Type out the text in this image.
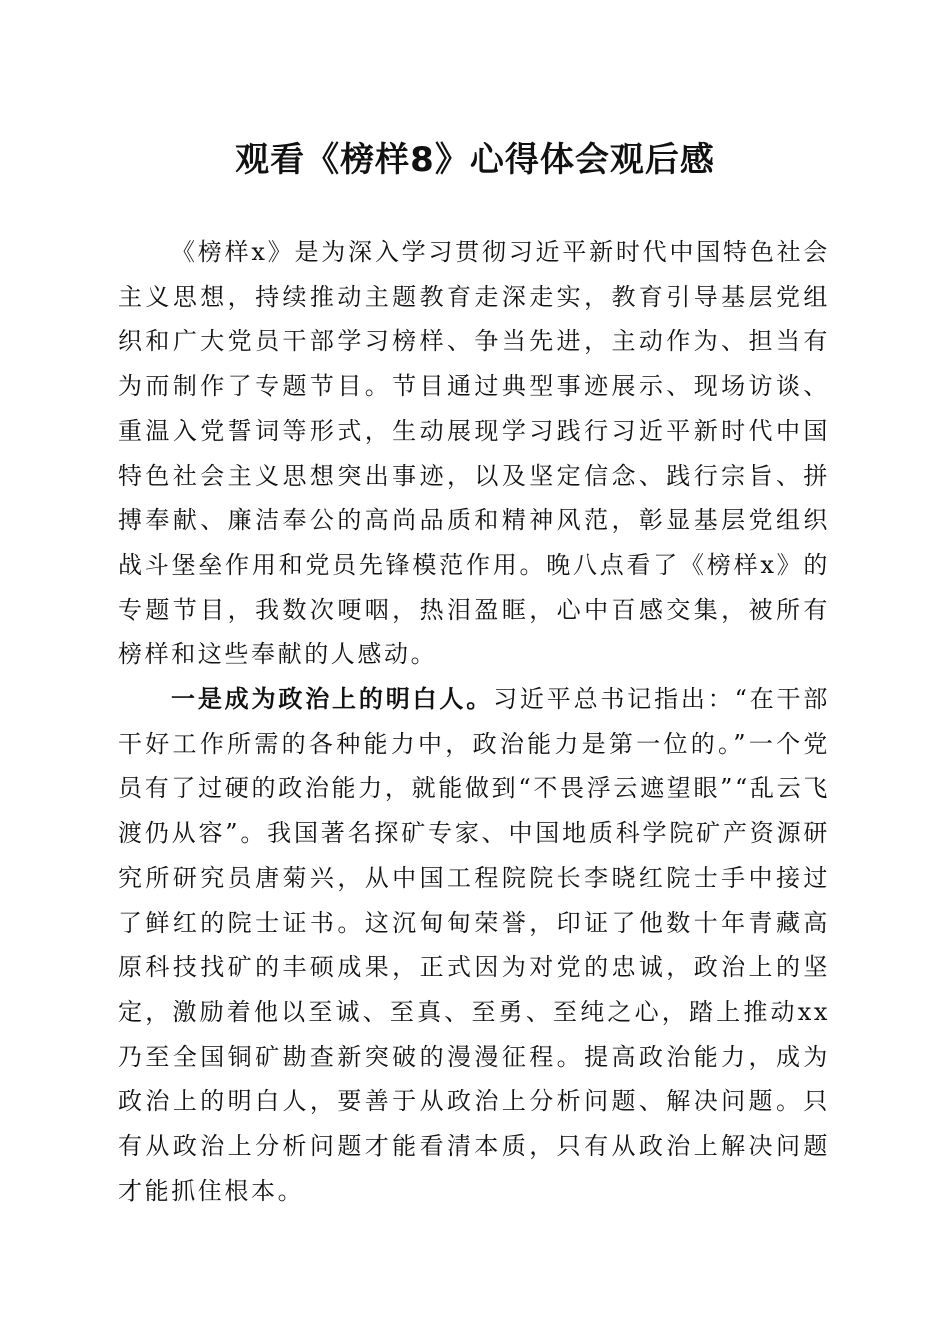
观看《榜样8》心得体会观后感

《榜样x》是为深入学习贯彻习近平新时代中国特色社会主义思想，持续推动主题教育走深走实，教育引导基层党组织和广大党员干部学习榜样、争当先进，主动作为、担当有为而制作了专题节目。节目通过典型事迹展示、现场访谈、重温入党誓词等形式，生动展现学习践行习近平新时代中国特色社会主义思想突出事迹，以及坚定信念、践行宗旨、拼搏奉献、廉洁奉公的高尚品质和精神风范，彰显基层党组织战斗堡垒作用和党员先锋模范作用。晚八点看了《榜样x》的专题节目，我数次哽咽，热泪盈眶，心中百感交集，被所有榜样和这些奉献的人感动。

一是成为政治上的明白人。习近平总书记指出：“在干部干好工作所需的各种能力中，政治能力是第一位的。”一个党员有了过硬的政治能力，就能做到“不畏浮云遮望眼”“乱云飞渡仍从容”。我国著名探矿专家、中国地质科学院矿产资源研究所研究员唐菊兴，从中国工程院院长李晓红院士手中接过了鲜红的院士证书。这沉甸甸荣誉，印证了他数十年青藏高原科技找矿的丰硕成果，正式因为对党的忠诚，政治上的坚定，激励着他以至诚、至真、至勇、至纯之心，踏上推动xx乃至全国铜矿勘查新突破的漫漫征程。提高政治能力，成为政治上的明白人，要善于从政治上分析问题、解决问题。只有从政治上分析问题才能看清本质，只有从政治上解决问题才能抓住根本。
